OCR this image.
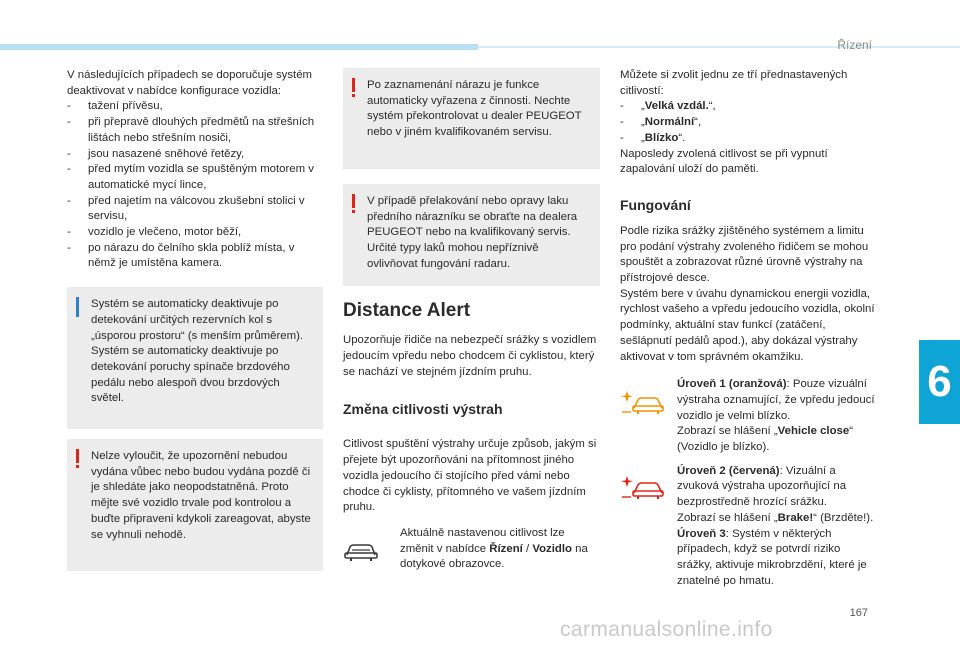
Řízení
6

V následujících případech se doporučuje systém deaktivovat v nabídce konfigurace vozidla:

- tažení přívěsu,
- při přepravě dlouhých předmětů na střešních lištách nebo střešním nosiči,
- jsou nasazené sněhové řetězy,
- před mytím vozidla se spuštěným motorem v automatické mycí lince,
- před najetím na válcovou zkušební stolici v servisu,
- vozidlo je vlečeno, motor běží,
- po nárazu do čelního skla poblíž místa, v němž je umístěna kamera.

Systém se automaticky deaktivuje po detekování určitých rezervních kol s „úsporou prostoru“ (s menším průměrem). Systém se automaticky deaktivuje po detekování poruchy spínače brzdového pedálu nebo alespoň dvou brzdových světel.

Nelze vyloučit, že upozornění nebudou vydána vůbec nebo budou vydána pozdě či je shledáte jako neopodstatněná. Proto mějte své vozidlo trvale pod kontrolou a buďte připraveni kdykoli zareagovat, abyste se vyhnuli nehodě.

Po zaznamenání nárazu je funkce automaticky vyřazena z činnosti. Nechte systém překontrolovat u dealer PEUGEOT nebo v jiném kvalifikovaném servisu.

V případě přelakování nebo opravy laku předního nárazníku se obraťte na dealera PEUGEOT nebo na kvalifikovaný servis. Určité typy laků mohou nepříznivě ovlivňovat fungování radaru.

Distance Alert

Upozorňuje řidiče na nebezpečí srážky s vozidlem jedoucím vpředu nebo chodcem či cyklistou, který se nachází ve stejném jízdním pruhu.

Změna citlivosti výstrah

Citlivost spuštění výstrahy určuje způsob, jakým si přejete být upozorňováni na přítomnost jiného vozidla jedoucího či stojícího před vámi nebo chodce či cyklisty, přítomného ve vašem jízdním pruhu.

Aktuálně nastavenou citlivost lze změnit v nabídce Řízení / Vozidlo na dotykové obrazovce.

Můžete si zvolit jednu ze tří přednastavených citlivostí:

- „Velká vzdál.“,
- „Normální“,
- „Blízko“.

Naposledy zvolená citlivost se při vypnutí zapalování uloží do paměti.

Fungování

Podle rizika srážky zjištěného systémem a limitu pro podání výstrahy zvoleného řidičem se mohou spouštět a zobrazovat různé úrovně výstrahy na přístrojové desce.

Systém bere v úvahu dynamickou energii vozidla, rychlost vašeho a vpředu jedoucího vozidla, okolní podmínky, aktuální stav funkcí (zatáčení, sešlápnutí pedálů apod.), aby dokázal výstrahy aktivovat v tom správném okamžiku.

Úroveň 1 (oranžová): Pouze vizuální výstraha oznamující, že vpředu jedoucí vozidlo je velmi blízko.
Zobrazí se hlášení „Vehicle close“ (Vozidlo je blízko).

Úroveň 2 (červená): Vizuální a zvuková výstraha upozorňující na bezprostředně hrozící srážku.
Zobrazí se hlášení „Brake!“ (Brzděte!).
Úroveň 3: Systém v některých případech, když se potvrdí riziko srážky, aktivuje mikrobrzdění, které je znatelné po hmatu.

167
carmanualsonline.info
